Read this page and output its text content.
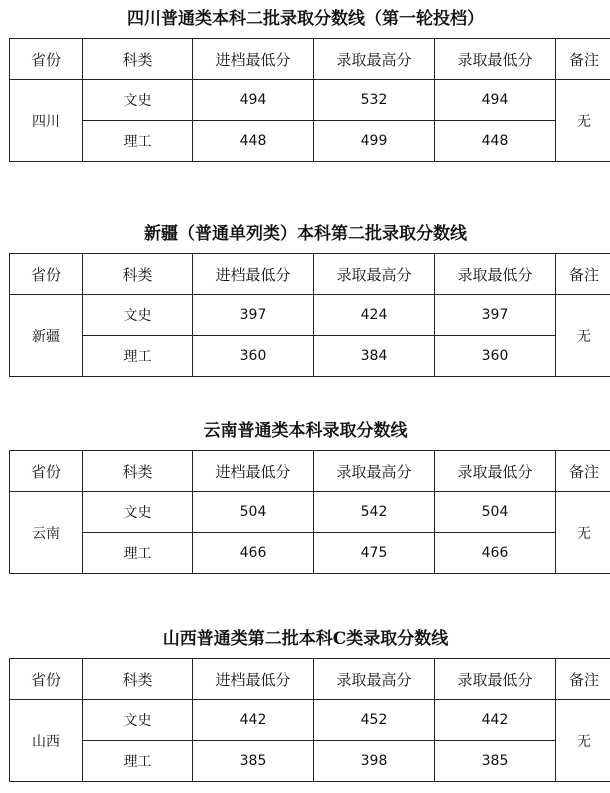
四川普通类本科二批录取分数线（第一轮投档）
省份	科类	进档最低分	录取最高分	录取最低分	备注
四川	文史	494	532	494	无
	理工	448	499	448	
新疆（普通单列类）本科第二批录取分数线
省份	科类	进档最低分	录取最高分	录取最低分	备注
新疆	文史	397	424	397	无
	理工	360	384	360	
云南普通类本科录取分数线
省份	科类	进档最低分	录取最高分	录取最低分	备注
云南	文史	504	542	504	无
	理工	466	475	466	
山西普通类第二批本科C类录取分数线
省份	科类	进档最低分	录取最高分	录取最低分	备注
山西	文史	442	452	442	无
	理工	385	398	385	
